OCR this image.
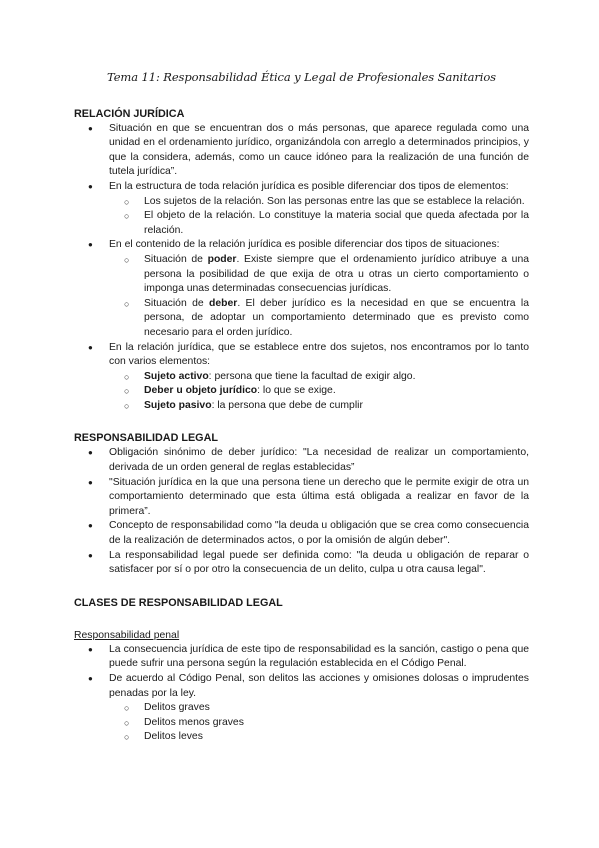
Tema 11: Responsabilidad Ética y Legal de Profesionales Sanitarios
RELACIÓN JURÍDICA
● Situación en que se encuentran dos o más personas, que aparece regulada como una unidad en el ordenamiento jurídico, organizándola con arreglo a determinados principios, y que la considera, además, como un cauce idóneo para la realización de una función de tutela jurídica”.
● En la estructura de toda relación jurídica es posible diferenciar dos tipos de elementos:
○ Los sujetos de la relación. Son las personas entre las que se establece la relación.
○ El objeto de la relación. Lo constituye la materia social que queda afectada por la relación.
● En el contenido de la relación jurídica es posible diferenciar dos tipos de situaciones:
○ Situación de poder. Existe siempre que el ordenamiento jurídico atribuye a una persona la posibilidad de que exija de otra u otras un cierto comportamiento o imponga unas determinadas consecuencias jurídicas.
○ Situación de deber. El deber jurídico es la necesidad en que se encuentra la persona, de adoptar un comportamiento determinado que es previsto como necesario para el orden jurídico.
● En la relación jurídica, que se establece entre dos sujetos, nos encontramos por lo tanto con varios elementos:
○ Sujeto activo: persona que tiene la facultad de exigir algo.
○ Deber u objeto jurídico: lo que se exige.
○ Sujeto pasivo: la persona que debe de cumplir
RESPONSABILIDAD LEGAL
● Obligación sinónimo de deber jurídico: "La necesidad de realizar un comportamiento, derivada de un orden general de reglas establecidas”
● "Situación jurídica en la que una persona tiene un derecho que le permite exigir de otra un comportamiento determinado que esta última está obligada a realizar en favor de la primera”.
● Concepto de responsabilidad como "la deuda u obligación que se crea como consecuencia de la realización de determinados actos, o por la omisión de algún deber".
● La responsabilidad legal puede ser definida como: "la deuda u obligación de reparar o satisfacer por sí o por otro la consecuencia de un delito, culpa u otra causa legal".
CLASES DE RESPONSABILIDAD LEGAL
Responsabilidad penal
● La consecuencia jurídica de este tipo de responsabilidad es la sanción, castigo o pena que puede sufrir una persona según la regulación establecida en el Código Penal.
● De acuerdo al Código Penal, son delitos las acciones y omisiones dolosas o imprudentes penadas por la ley.
○ Delitos graves
○ Delitos menos graves
○ Delitos leves
